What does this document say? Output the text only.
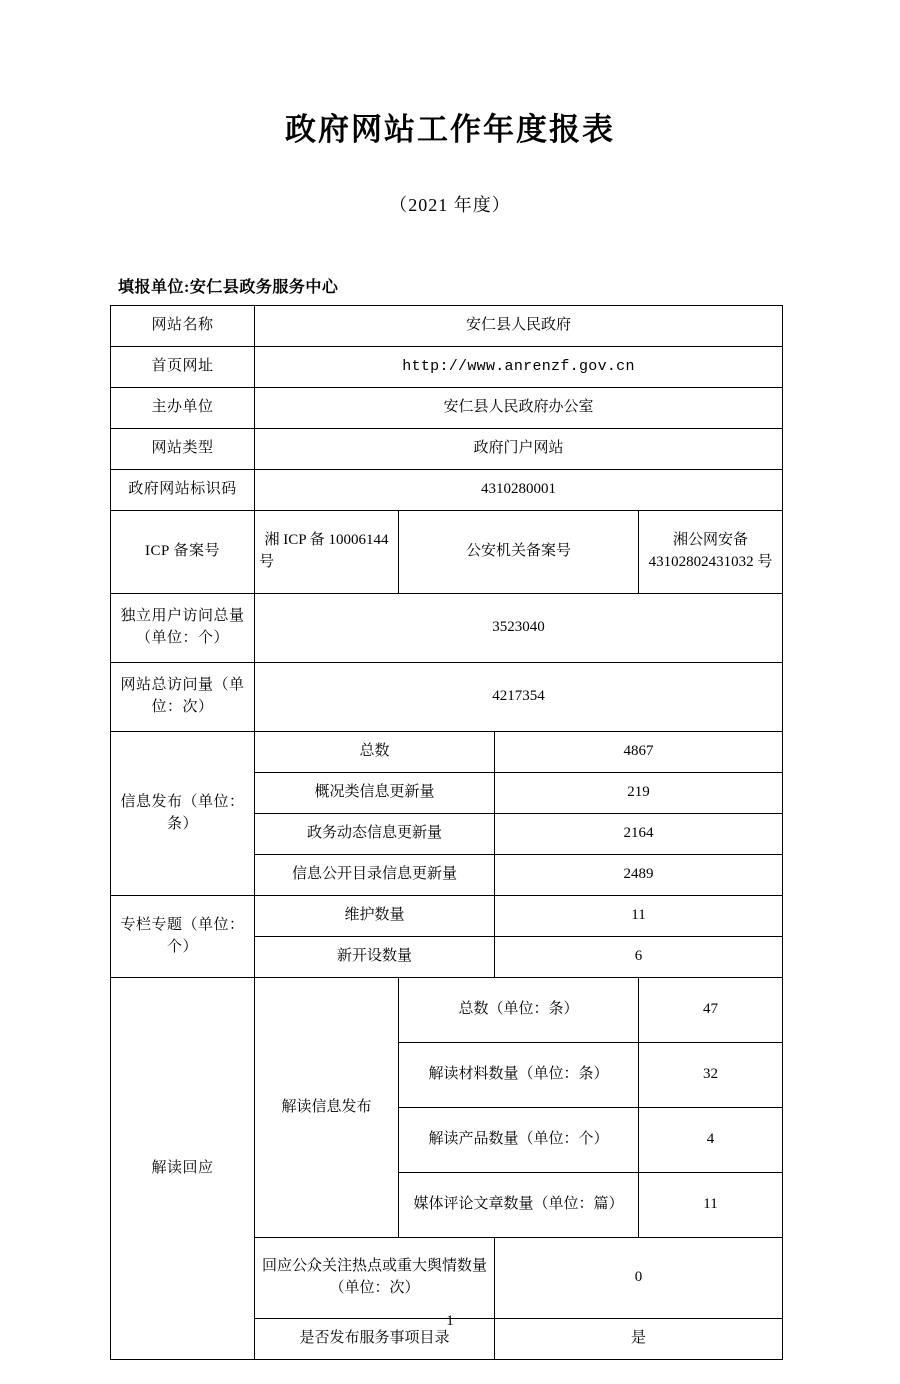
政府网站工作年度报表
（2021 年度）
填报单位:安仁县政务服务中心
网站名称	安仁县人民政府			
首页网址	http://www.anrenzf.gov.cn			
主办单位	安仁县人民政府办公室			
网站类型	政府门户网站			
政府网站标识码	4310280001			
ICP 备案号	湘 ICP 备 10006144 号	公安机关备案号		湘公网安备 43102802431032 号
独立用户访问总量（单位：个）	3523040			
网站总访问量（单位：次）	4217354			
信息发布（单位：条）	总数		4867	
	概况类信息更新量		219	
	政务动态信息更新量		2164	
	信息公开目录信息更新量		2489	
专栏专题（单位：个）	维护数量		11	
	新开设数量		6	
解读回应	解读信息发布	总数（单位：条）		47
		解读材料数量（单位：条）		32
		解读产品数量（单位：个）		4
		媒体评论文章数量（单位：篇）		11
	回应公众关注热点或重大舆情数量（单位：次）		0	
	是否发布服务事项目录		是	
1
